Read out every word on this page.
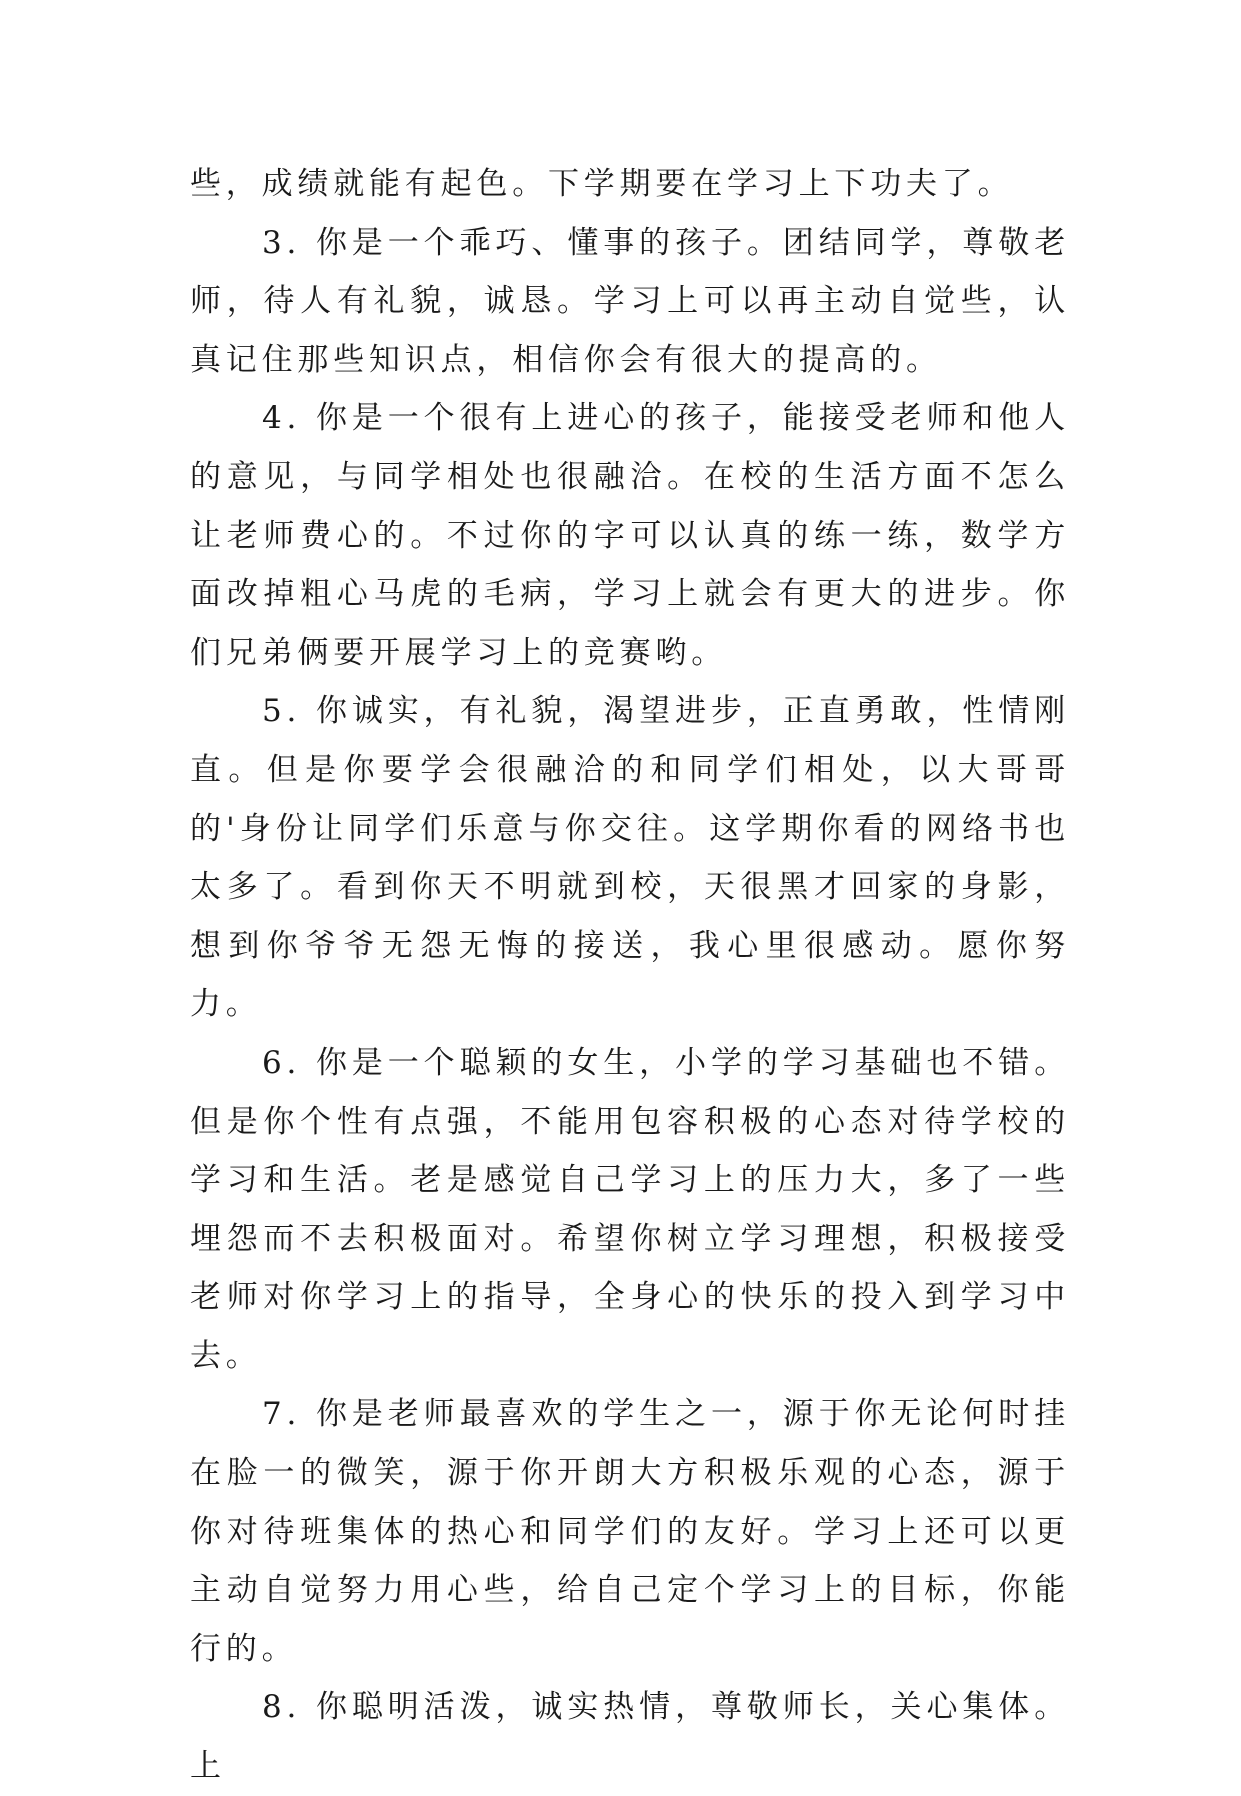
些，成绩就能有起色。下学期要在学习上下功夫了。

3. 你是一个乖巧、懂事的孩子。团结同学，尊敬老师，待人有礼貌，诚恳。学习上可以再主动自觉些，认真记住那些知识点，相信你会有很大的提高的。

4. 你是一个很有上进心的孩子，能接受老师和他人的意见，与同学相处也很融洽。在校的生活方面不怎么让老师费心的。不过你的字可以认真的练一练，数学方面改掉粗心马虎的毛病，学习上就会有更大的进步。你们兄弟俩要开展学习上的竞赛哟。

5. 你诚实，有礼貌，渴望进步，正直勇敢，性情刚直。但是你要学会很融洽的和同学们相处，以大哥哥的'身份让同学们乐意与你交往。这学期你看的网络书也太多了。看到你天不明就到校，天很黑才回家的身影，想到你爷爷无怨无悔的接送，我心里很感动。愿你努力。

6. 你是一个聪颖的女生，小学的学习基础也不错。但是你个性有点强，不能用包容积极的心态对待学校的学习和生活。老是感觉自己学习上的压力大，多了一些埋怨而不去积极面对。希望你树立学习理想，积极接受老师对你学习上的指导，全身心的快乐的投入到学习中去。

7. 你是老师最喜欢的学生之一，源于你无论何时挂在脸一的微笑，源于你开朗大方积极乐观的心态，源于你对待班集体的热心和同学们的友好。学习上还可以更主动自觉努力用心些，给自己定个学习上的目标，你能行的。

8. 你聪明活泼，诚实热情，尊敬师长，关心集体。上
